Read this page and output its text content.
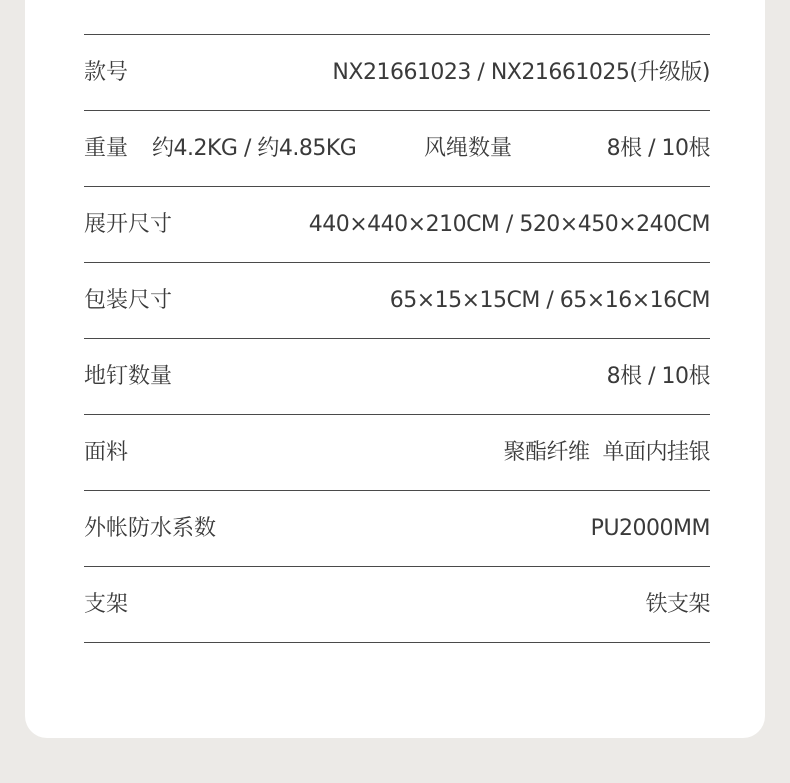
款号	NX21661023 / NX21661025(升级版)
重量 约4.2KG / 约4.85KG	风绳数量	8根 / 10根
展开尺寸	440×440×210CM / 520×450×240CM
包装尺寸	65×15×15CM / 65×16×16CM
地钉数量	8根 / 10根
面料	聚酯纤维  单面内挂银
外帐防水系数	PU2000MM
支架	铁支架
